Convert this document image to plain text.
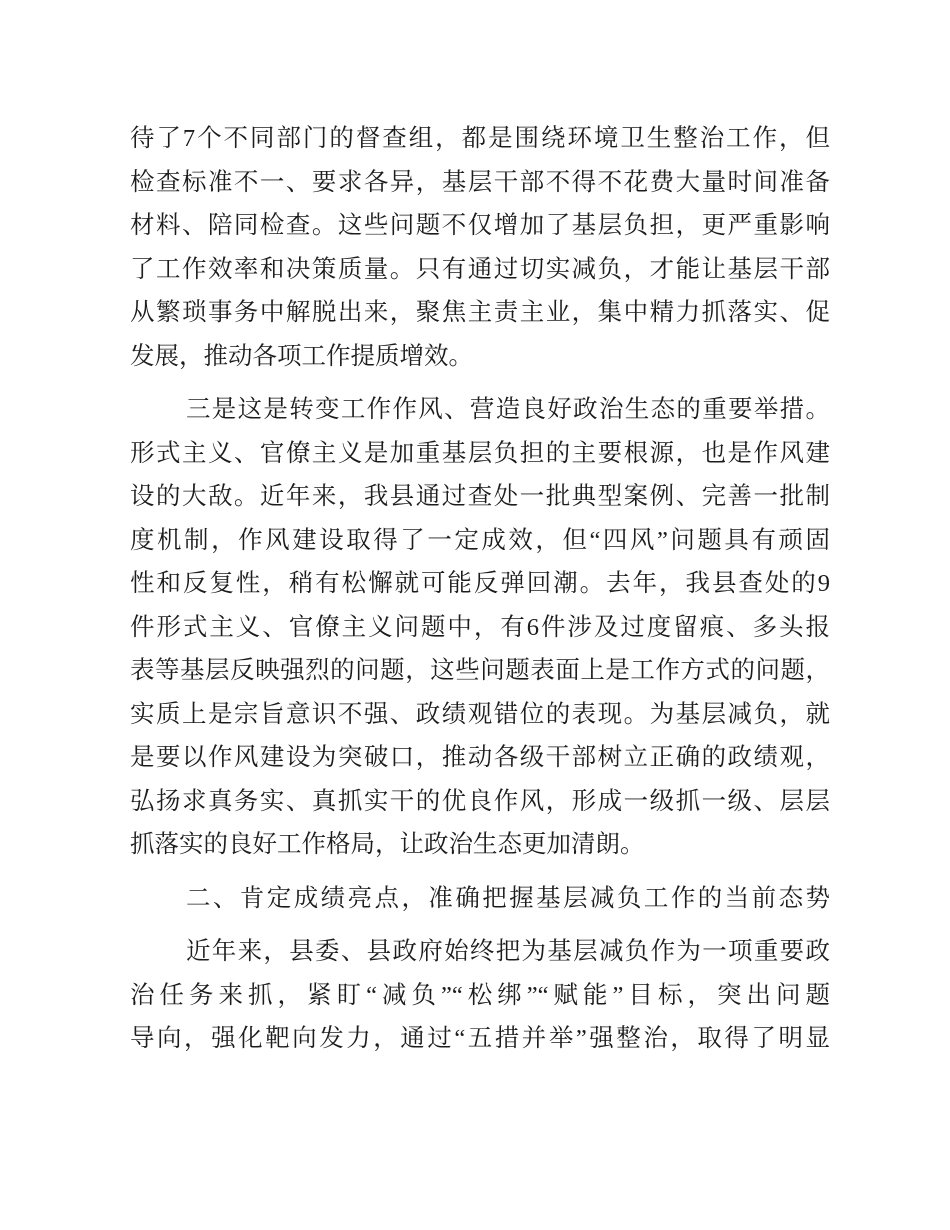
待了7个不同部门的督查组，都是围绕环境卫生整治工作，但
检查标准不一、要求各异，基层干部不得不花费大量时间准备
材料、陪同检查。这些问题不仅增加了基层负担，更严重影响
了工作效率和决策质量。只有通过切实减负，才能让基层干部
从繁琐事务中解脱出来，聚焦主责主业，集中精力抓落实、促
发展，推动各项工作提质增效。
三是这是转变工作作风、营造良好政治生态的重要举措。
形式主义、官僚主义是加重基层负担的主要根源，也是作风建
设的大敌。近年来，我县通过查处一批典型案例、完善一批制
度机制，作风建设取得了一定成效，但“四风”问题具有顽固
性和反复性，稍有松懈就可能反弹回潮。去年，我县查处的9
件形式主义、官僚主义问题中，有6件涉及过度留痕、多头报
表等基层反映强烈的问题，这些问题表面上是工作方式的问题，
实质上是宗旨意识不强、政绩观错位的表现。为基层减负，就
是要以作风建设为突破口，推动各级干部树立正确的政绩观，
弘扬求真务实、真抓实干的优良作风，形成一级抓一级、层层
抓落实的良好工作格局，让政治生态更加清朗。
二、肯定成绩亮点，准确把握基层减负工作的当前态势
近年来，县委、县政府始终把为基层减负作为一项重要政
治任务来抓，紧盯“减负”“松绑”“赋能”目标，突出问题
导向，强化靶向发力，通过“五措并举”强整治，取得了明显
